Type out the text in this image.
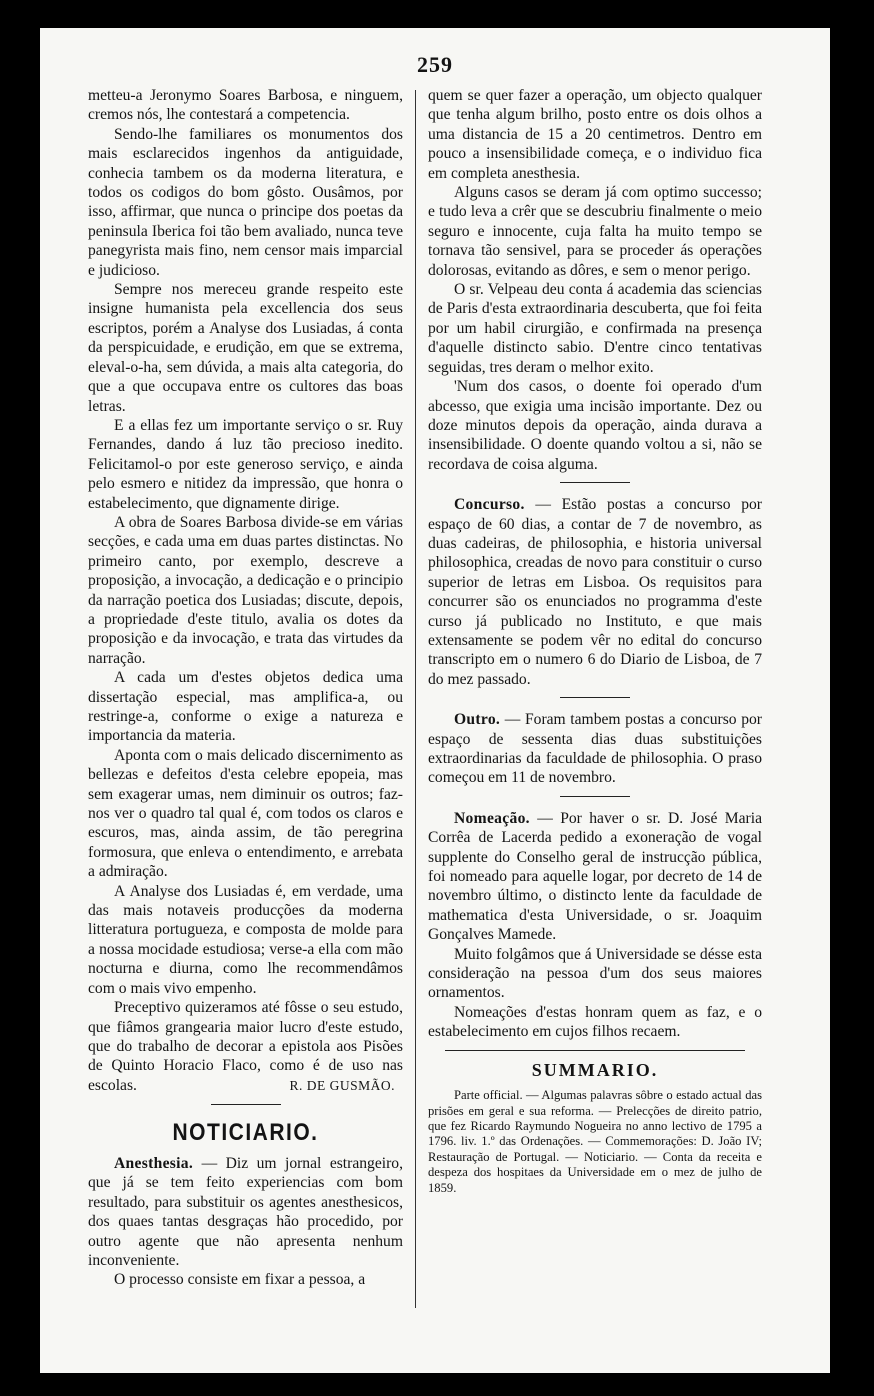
259

metteu-a Jeronymo Soares Barbosa, e ninguem, cremos nós, lhe contestará a competencia.

Sendo-lhe familiares os monumentos dos mais esclarecidos ingenhos da antiguidade, conhecia tambem os da moderna literatura, e todos os codigos do bom gôsto. Ousâmos, por isso, affirmar, que nunca o principe dos poetas da peninsula Iberica foi tão bem avaliado, nunca teve panegyrista mais fino, nem censor mais imparcial e judicioso.

Sempre nos mereceu grande respeito este insigne humanista pela excellencia dos seus escriptos, porém a Analyse dos Lusiadas, á conta da perspicuidade, e erudição, em que se extrema, eleval-o-ha, sem dúvida, a mais alta categoria, do que a que occupava entre os cultores das boas letras.

E a ellas fez um importante serviço o sr. Ruy Fernandes, dando á luz tão precioso inedito. Felicitamol-o por este generoso serviço, e ainda pelo esmero e nitidez da impressão, que honra o estabelecimento, que dignamente dirige.

A obra de Soares Barbosa divide-se em várias secções, e cada uma em duas partes distinctas. No primeiro canto, por exemplo, descreve a proposição, a invocação, a dedicação e o principio da narração poetica dos Lusiadas; discute, depois, a propriedade d'este titulo, avalia os dotes da proposição e da invocação, e trata das virtudes da narração.

A cada um d'estes objetos dedica uma dissertação especial, mas amplifica-a, ou restringe-a, conforme o exige a natureza e importancia da materia.

Aponta com o mais delicado discernimento as bellezas e defeitos d'esta celebre epopeia, mas sem exagerar umas, nem diminuir os outros; faz-nos ver o quadro tal qual é, com todos os claros e escuros, mas, ainda assim, de tão peregrina formosura, que enleva o entendimento, e arrebata a admiração.

A Analyse dos Lusiadas é, em verdade, uma das mais notaveis producções da moderna litteratura portugueza, e composta de molde para a nossa mocidade estudiosa; verse-a ella com mão nocturna e diurna, como lhe recommendâmos com o mais vivo empenho.

Preceptivo quizeramos até fôsse o seu estudo, que fiâmos grangearia maior lucro d'este estudo, que do trabalho de decorar a epistola aos Pisões de Quinto Horacio Flaco, como é de uso nas escolas.	R. DE GUSMÃO.
NOTICIARIO.

Anesthesia. — Diz um jornal estrangeiro, que já se tem feito experiencias com bom resultado, para substituir os agentes anesthesicos, dos quaes tantas desgraças hão procedido, por outro agente que não apresenta nenhum inconveniente.

O processo consiste em fixar a pessoa, a

quem se quer fazer a operação, um objecto qualquer que tenha algum brilho, posto entre os dois olhos a uma distancia de 15 a 20 centimetros. Dentro em pouco a insensibilidade começa, e o individuo fica em completa anesthesia.

Alguns casos se deram já com optimo successo; e tudo leva a crêr que se descubriu finalmente o meio seguro e innocente, cuja falta ha muito tempo se tornava tão sensivel, para se proceder ás operações dolorosas, evitando as dôres, e sem o menor perigo.

O sr. Velpeau deu conta á academia das sciencias de Paris d'esta extraordinaria descuberta, que foi feita por um habil cirurgião, e confirmada na presença d'aquelle distincto sabio. D'entre cinco tentativas seguidas, tres deram o melhor exito.

'Num dos casos, o doente foi operado d'um abcesso, que exigia uma incisão importante. Dez ou doze minutos depois da operação, ainda durava a insensibilidade. O doente quando voltou a si, não se recordava de coisa alguma.

Concurso. — Estão postas a concurso por espaço de 60 dias, a contar de 7 de novembro, as duas cadeiras, de philosophia, e historia universal philosophica, creadas de novo para constituir o curso superior de letras em Lisboa. Os requisitos para concurrer são os enunciados no programma d'este curso já publicado no Instituto, e que mais extensamente se podem vêr no edital do concurso transcripto em o numero 6 do Diario de Lisboa, de 7 do mez passado.

Outro. — Foram tambem postas a concurso por espaço de sessenta dias duas substituições extraordinarias da faculdade de philosophia. O praso começou em 11 de novembro.

Nomeação. — Por haver o sr. D. José Maria Corrêa de Lacerda pedido a exoneração de vogal supplente do Conselho geral de instrucção pública, foi nomeado para aquelle logar, por decreto de 14 de novembro último, o distincto lente da faculdade de mathematica d'esta Universidade, o sr. Joaquim Gonçalves Mamede.

Muito folgâmos que á Universidade se désse esta consideração na pessoa d'um dos seus maiores ornamentos.

Nomeações d'estas honram quem as faz, e o estabelecimento em cujos filhos recaem.

SUMMARIO.

Parte official. — Algumas palavras sôbre o estado actual das prisões em geral e sua reforma. — Prelecções de direito patrio, que fez Ricardo Raymundo Nogueira no anno lectivo de 1795 a 1796. liv. 1.º das Ordenações. — Commemorações: D. João IV; Restauração de Portugal. — Noticiario. — Conta da receita e despeza dos hospitaes da Universidade em o mez de julho de 1859.
